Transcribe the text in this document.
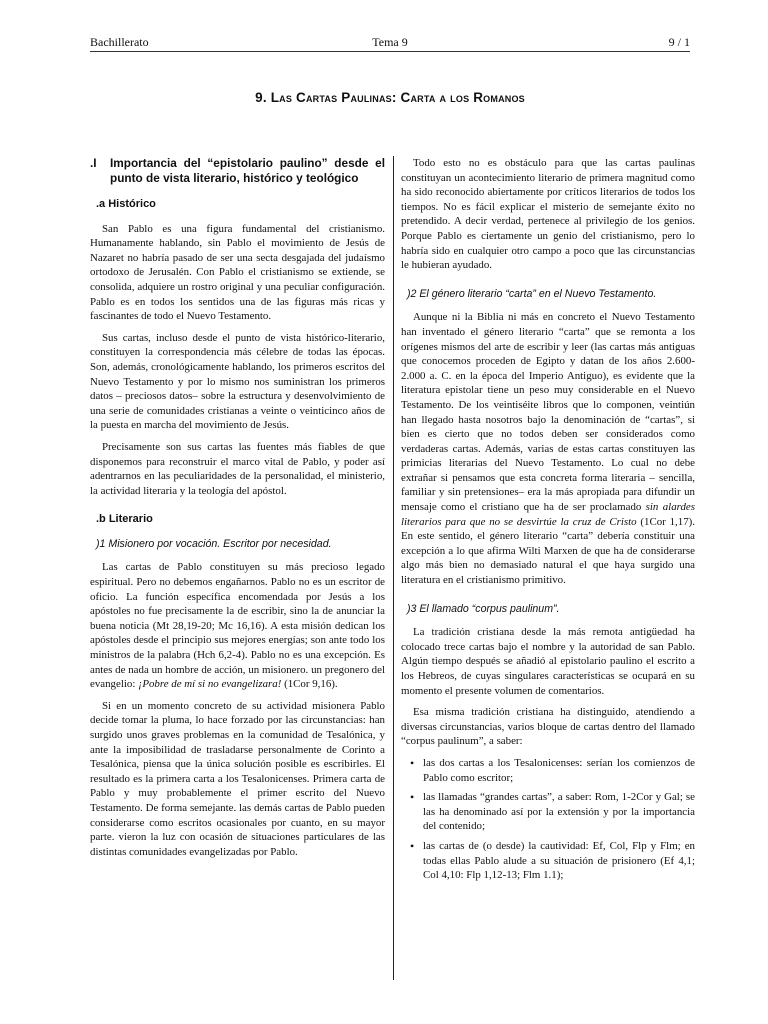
Bachillerato	Tema 9	9 / 1
9. Las Cartas Paulinas: Carta a los Romanos
.I	Importancia del “epistolario paulino” desde el punto de vista literario, histórico y teológico
.a Histórico

San Pablo es una figura fundamental del cristianismo. Humanamente hablando, sin Pablo el movimiento de Jesús de Nazaret no habría pasado de ser una secta desgajada del judaísmo ortodoxo de Jerusalén. Con Pablo el cristianismo se extiende, se consolida, adquiere un rostro original y una peculiar configuración. Pablo es en todos los sentidos una de las figuras más ricas y fascinantes de todo el Nuevo Testamento.

Sus cartas, incluso desde el punto de vista histórico-literario, constituyen la correspondencia más célebre de todas las épocas. Son, además, cronológicamente hablando, los primeros escritos del Nuevo Testamento y por lo mismo nos suministran los primeros datos – preciosos datos– sobre la estructura y desenvolvimiento de una serie de comunidades cristianas a veinte o veinticinco años de la puesta en marcha del movimiento de Jesús.

Precisamente son sus cartas las fuentes más fiables de que disponemos para reconstruir el marco vital de Pablo, y poder así adentrarnos en las peculiaridades de la personalidad, el ministerio, la actividad literaria y la teología del apóstol.

.b Literario
)1 Misionero por vocación. Escritor por necesidad.

Las cartas de Pablo constituyen su más precioso legado espiritual. Pero no debemos engañarnos. Pablo no es un escritor de oficio. La función específica encomendada por Jesús a los apóstoles no fue precisamente la de escribir, sino la de anunciar la buena noticia (Mt 28,19-20; Mc 16,16). A esta misión dedican los apóstoles desde el principio sus mejores energías; son ante todo los ministros de la palabra (Hch 6,2-4). Pablo no es una excepción. Es antes de nada un hombre de acción, un misionero. un pregonero del evangelio: ¡Pobre de mí si no evangelizara! (1Cor 9,16).

Si en un momento concreto de su actividad misionera Pablo decide tomar la pluma, lo hace forzado por las circunstancias: han surgido unos graves problemas en la comunidad de Tesalónica, y ante la imposibilidad de trasladarse personalmente de Corinto a Tesalónica, piensa que la única solución posible es escribirles. El resultado es la primera carta a los Tesalonicenses. Primera carta de Pablo y muy probablemente el primer escrito del Nuevo Testamento. De forma semejante. las demás cartas de Pablo pueden considerarse como escritos ocasionales por cuanto, en su mayor parte. vieron la luz con ocasión de situaciones particulares de las distintas comunidades evangelizadas por Pablo.

Todo esto no es obstáculo para que las cartas paulinas constituyan un acontecimiento literario de primera magnitud como ha sido reconocido abiertamente por críticos literarios de todos los tiempos. No es fácil explicar el misterio de semejante éxito no pretendido. A decir verdad, pertenece al privilegio de los genios. Porque Pablo es ciertamente un genio del cristianismo, pero lo habría sido en cualquier otro campo a poco que las circunstancias le hubieran ayudado.

)2 El género literario “carta” en el Nuevo Testamento.

Aunque ni la Biblia ni más en concreto el Nuevo Testamento han inventado el género literario “carta” que se remonta a los orígenes mismos del arte de escribir y leer (las cartas más antiguas que conocemos proceden de Egipto y datan de los años 2.600-2.000 a. C. en la época del Imperio Antiguo), es evidente que la literatura epistolar tiene un peso muy considerable en el Nuevo Testamento. De los veintiséite libros que lo componen, veintiún han llegado hasta nosotros bajo la denominación de “cartas”, si bien es cierto que no todos deben ser considerados como verdaderas cartas. Además, varias de estas cartas constituyen las primicias literarias del Nuevo Testamento. Lo cual no debe extrañar si pensamos que esta concreta forma literaria – sencilla, familiar y sin pretensiones– era la más apropiada para difundir un mensaje como el cristiano que ha de ser proclamado sin alardes literarios para que no se desvirtúe la cruz de Cristo (1Cor 1,17). En este sentido, el género literario “carta” debería constituir una excepción a lo que afirma Wilti Marxen de que ha de considerarse algo más bien no demasiado natural el que haya surgido una literatura en el cristianismo primitivo.

)3 El llamado “corpus paulinum”.

La tradición cristiana desde la más remota antigüedad ha colocado trece cartas bajo el nombre y la autoridad de san Pablo. Algún tiempo después se añadió al epistolario paulino el escrito a los Hebreos, de cuyas singulares características se ocupará en su momento el presente volumen de comentarios.

Esa misma tradición cristiana ha distinguido, atendiendo a diversas circunstancias, varios bloque de cartas dentro del llamado “corpus paulinum”, a saber:

• las dos cartas a los Tesalonicenses: serían los comienzos de Pablo como escritor;
• las llamadas “grandes cartas”, a saber: Rom, 1-2Cor y Gal; se las ha denominado así por la extensión y por la importancia del contenido;
• las cartas de (o desde) la cautividad: Ef, Col, Flp y Flm; en todas ellas Pablo alude a su situación de prisionero (Ef 4,1; Col 4,10: Flp 1,12-13; Flm 1.1);
